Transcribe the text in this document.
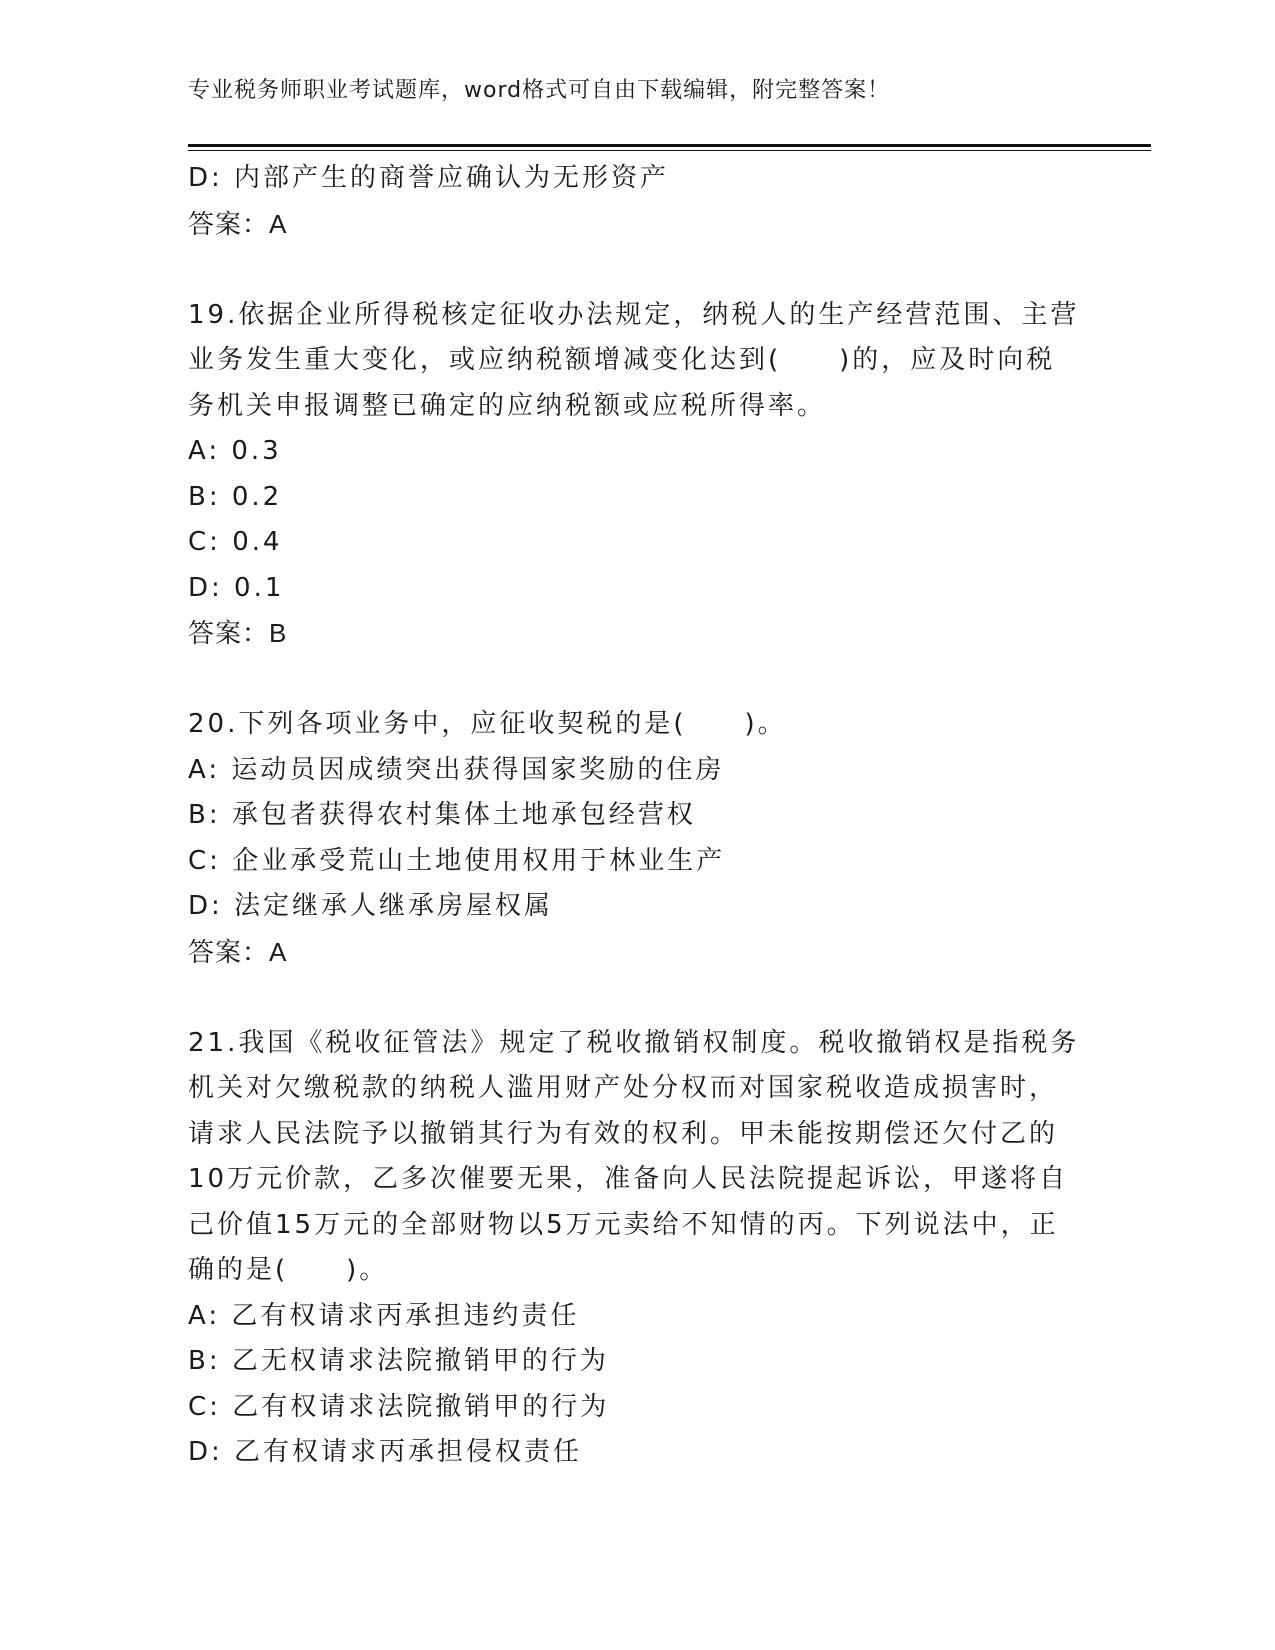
专业税务师职业考试题库，word格式可自由下载编辑，附完整答案！
D: 内部产生的商誉应确认为无形资产
答案：A
19.依据企业所得税核定征收办法规定，纳税人的生产经营范围、主营
业务发生重大变化，或应纳税额增减变化达到(　　)的，应及时向税
务机关申报调整已确定的应纳税额或应税所得率。
A: 0.3
B: 0.2
C: 0.4
D: 0.1
答案：B
20.下列各项业务中，应征收契税的是(　　)。
A: 运动员因成绩突出获得国家奖励的住房
B: 承包者获得农村集体土地承包经营权
C: 企业承受荒山土地使用权用于林业生产
D: 法定继承人继承房屋权属
答案：A
21.我国《税收征管法》规定了税收撤销权制度。税收撤销权是指税务
机关对欠缴税款的纳税人滥用财产处分权而对国家税收造成损害时，
请求人民法院予以撤销其行为有效的权利。甲未能按期偿还欠付乙的
10万元价款，乙多次催要无果，准备向人民法院提起诉讼，甲遂将自
己价值15万元的全部财物以5万元卖给不知情的丙。下列说法中，正
确的是(　　)。
A: 乙有权请求丙承担违约责任
B: 乙无权请求法院撤销甲的行为
C: 乙有权请求法院撤销甲的行为
D: 乙有权请求丙承担侵权责任
